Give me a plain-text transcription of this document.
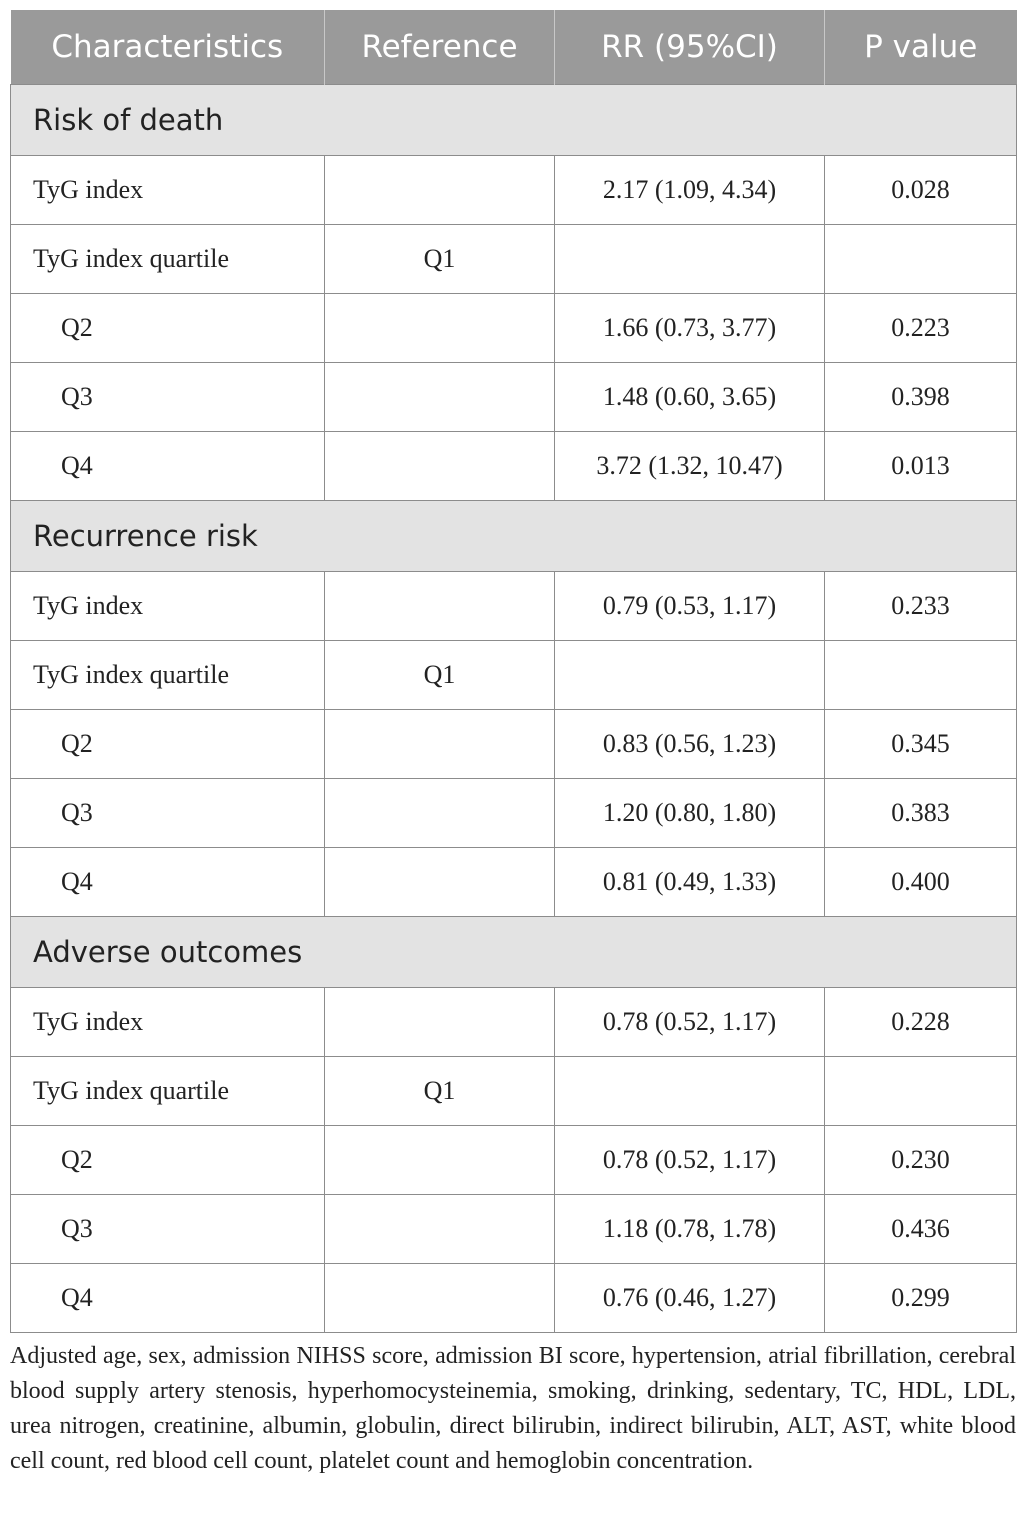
Characteristics	Reference	RR (95%CI)	P value
Risk of death			
TyG index		2.17 (1.09, 4.34)	0.028
TyG index quartile	Q1		
Q2		1.66 (0.73, 3.77)	0.223
Q3		1.48 (0.60, 3.65)	0.398
Q4		3.72 (1.32, 10.47)	0.013
Recurrence risk			
TyG index		0.79 (0.53, 1.17)	0.233
TyG index quartile	Q1		
Q2		0.83 (0.56, 1.23)	0.345
Q3		1.20 (0.80, 1.80)	0.383
Q4		0.81 (0.49, 1.33)	0.400
Adverse outcomes			
TyG index		0.78 (0.52, 1.17)	0.228
TyG index quartile	Q1		
Q2		0.78 (0.52, 1.17)	0.230
Q3		1.18 (0.78, 1.78)	0.436
Q4		0.76 (0.46, 1.27)	0.299
Adjusted age, sex, admission NIHSS score, admission BI score, hypertension, atrial fibrillation, cerebral blood supply artery stenosis, hyperhomocysteinemia, smoking, drinking, sedentary, TC, HDL, LDL, urea nitrogen, creatinine, albumin, globulin, direct bilirubin, indirect bilirubin, ALT, AST, white blood cell count, red blood cell count, platelet count and hemoglobin concentration.
